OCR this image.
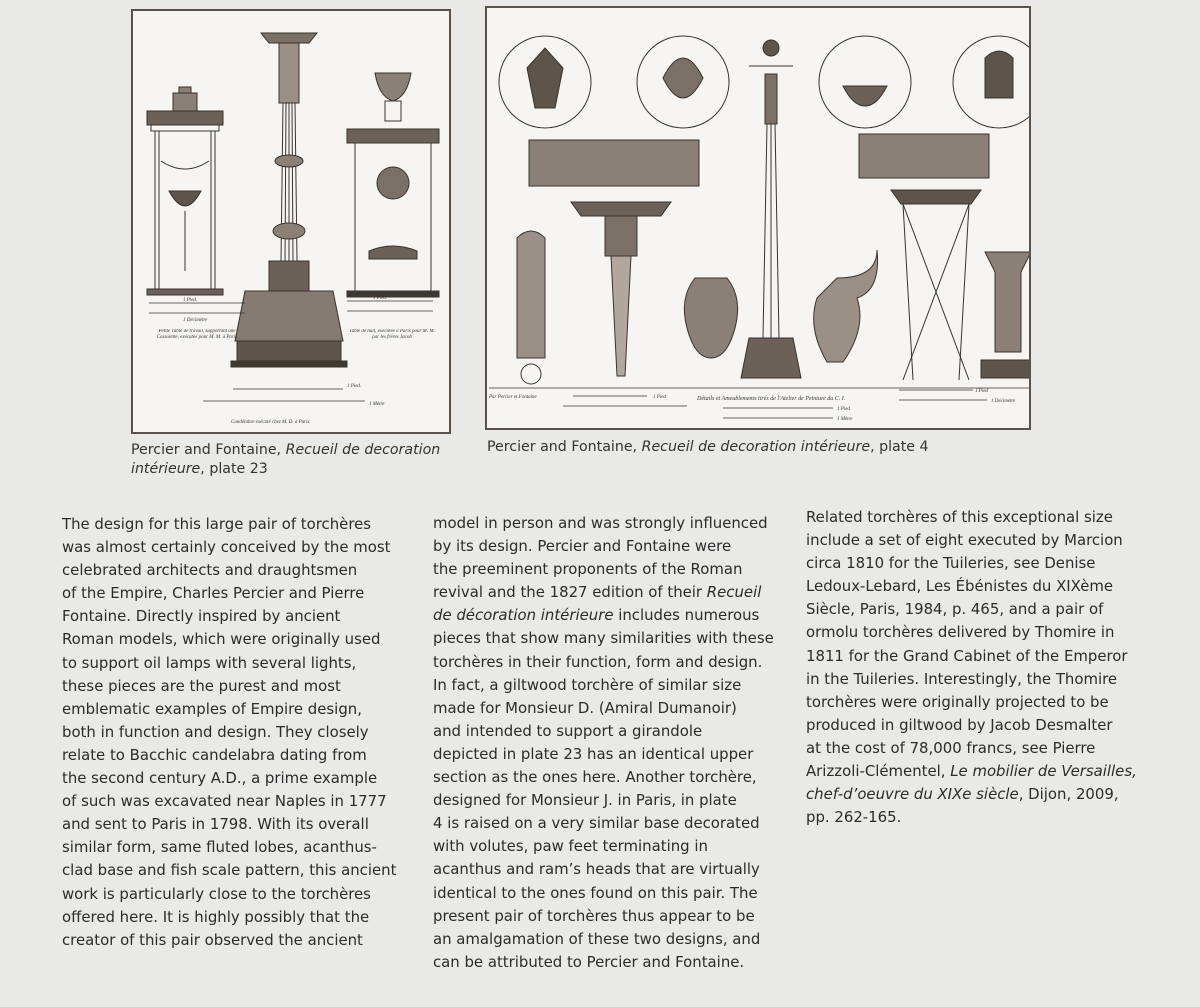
1 Pied.
1 Décimètre
1 Pied.
1 Pied.
1 Mètre
Candélabre exécuté chez M. D. à Paris
Petite Table de travail, supportant une Cassolette, exécutée pour M. M. à Paris
Table de nuit, exécutée à Paris pour M. M. par les frères Jacob
Par Percier et Fontaine	1 Pied	Détails et Ameublements tirés de l'Atelier de Peinture du C. I.
1 Pied
1 Mètre
1 Pied
1 Décimètre
Percier and Fontaine, Recueil de decoration intérieure, plate 23
Percier and Fontaine, Recueil de decoration intérieure, plate 4
The design for this large pair of torchères
was almost certainly conceived by the most
celebrated architects and draughtsmen
of the Empire, Charles Percier and Pierre
Fontaine. Directly inspired by ancient
Roman models, which were originally used
to support oil lamps with several lights,
these pieces are the purest and most
emblematic examples of Empire design,
both in function and design. They closely
relate to Bacchic candelabra dating from
the second century A.D., a prime example
of such was excavated near Naples in 1777
and sent to Paris in 1798. With its overall
similar form, same fluted lobes, acanthus-
clad base and fish scale pattern, this ancient
work is particularly close to the torchères
offered here. It is highly possibly that the
creator of this pair observed the ancient
model in person and was strongly influenced
by its design. Percier and Fontaine were
the preeminent proponents of the Roman
revival and the 1827 edition of their Recueil
de décoration intérieure includes numerous
pieces that show many similarities with these
torchères in their function, form and design.
In fact, a giltwood torchère of similar size
made for Monsieur D. (Amiral Dumanoir)
and intended to support a girandole
depicted in plate 23 has an identical upper
section as the ones here. Another torchère,
designed for Monsieur J. in Paris, in plate
4 is raised on a very similar base decorated
with volutes, paw feet terminating in
acanthus and ram’s heads that are virtually
identical to the ones found on this pair. The
present pair of torchères thus appear to be
an amalgamation of these two designs, and
can be attributed to Percier and Fontaine.
Related torchères of this exceptional size
include a set of eight executed by Marcion
circa 1810 for the Tuileries, see Denise
Ledoux-Lebard, Les Ébénistes du XIXème
Siècle, Paris, 1984, p. 465, and a pair of
ormolu torchères delivered by Thomire in
1811 for the Grand Cabinet of the Emperor
in the Tuileries. Interestingly, the Thomire
torchères were originally projected to be
produced in giltwood by Jacob Desmalter
at the cost of 78,000 francs, see Pierre
Arizzoli-Clémentel, Le mobilier de Versailles,
chef-d’oeuvre du XIXe siècle, Dijon, 2009,
pp. 262-165.
